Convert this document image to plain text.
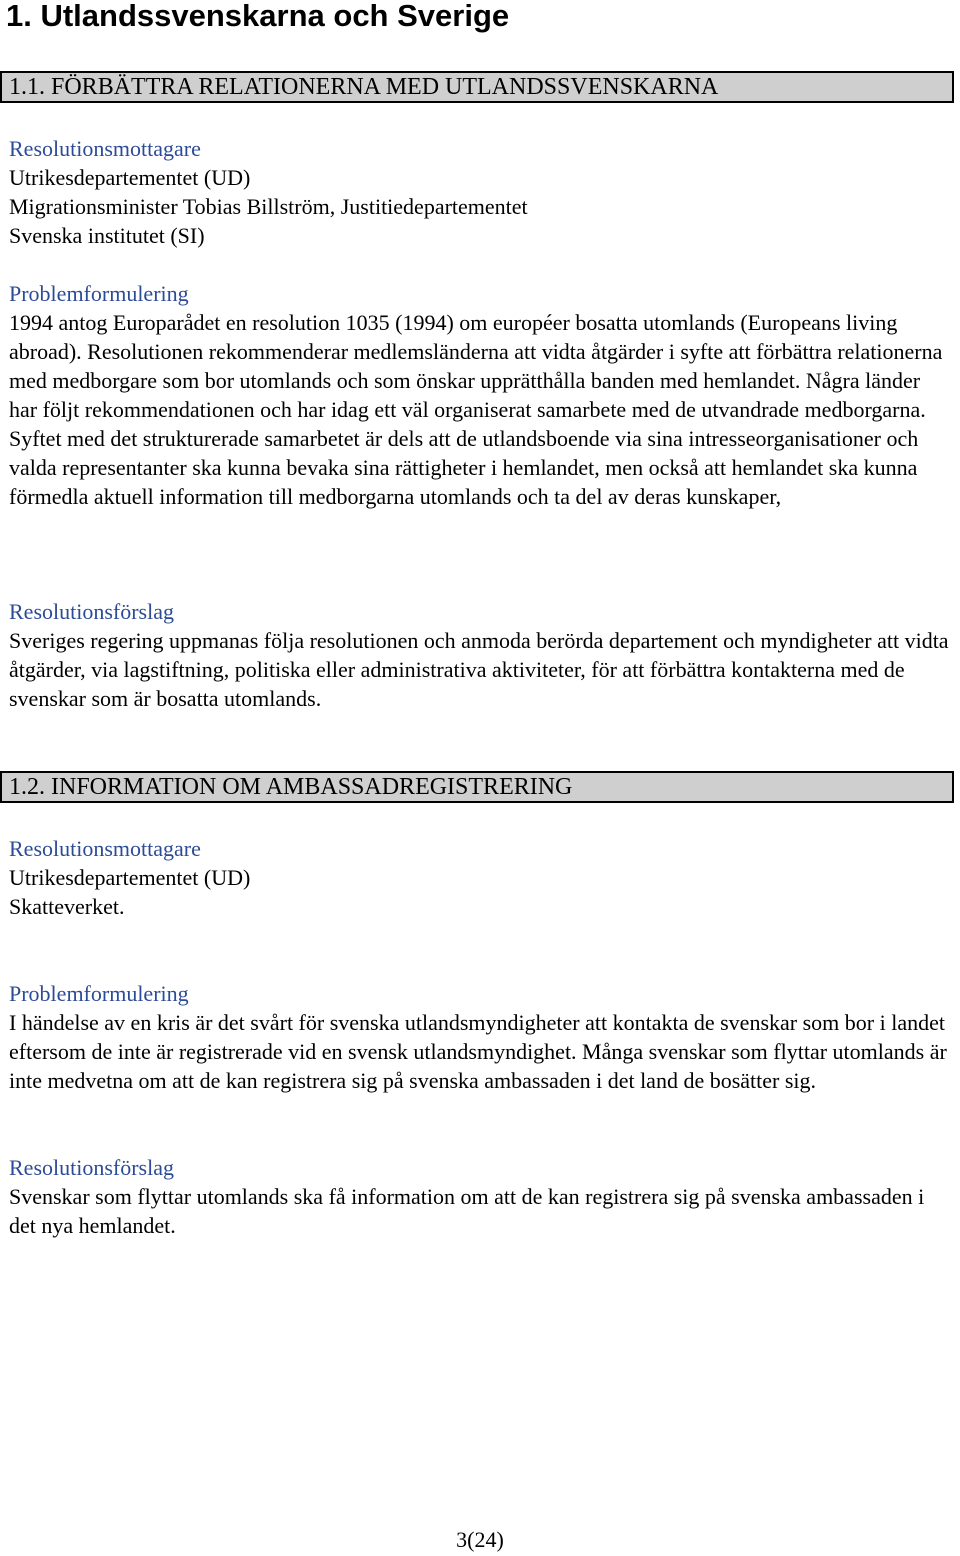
1. Utlandssvenskarna och Sverige
1.1. FÖRBÄTTRA RELATIONERNA MED UTLANDSSVENSKARNA
Resolutionsmottagare
Utrikesdepartementet (UD)
Migrationsminister Tobias Billström, Justitiedepartementet
Svenska institutet (SI)
Problemformulering
1994 antog Europarådet en resolution 1035 (1994) om européer bosatta utomlands (Europeans living abroad). Resolutionen rekommenderar medlemsländerna att vidta åtgärder i syfte att förbättra relationerna med medborgare som bor utomlands och som önskar upprätthålla banden med hemlandet. Några länder har följt rekommendationen och har idag ett väl organiserat samarbete med de utvandrade medborgarna. Syftet med det strukturerade samarbetet är dels att de utlandsboende via sina intresseorganisationer och valda representanter ska kunna bevaka sina rättigheter i hemlandet, men också att hemlandet ska kunna förmedla aktuell information till medborgarna utomlands och ta del av deras kunskaper,
Resolutionsförslag
Sveriges regering uppmanas följa resolutionen och anmoda berörda departement och myndigheter att vidta åtgärder, via lagstiftning, politiska eller administrativa aktiviteter, för att förbättra kontakterna med de svenskar som är bosatta utomlands.
1.2. INFORMATION OM AMBASSADREGISTRERING
Resolutionsmottagare
Utrikesdepartementet (UD)
Skatteverket.
Problemformulering
I händelse av en kris är det svårt för svenska utlandsmyndigheter att kontakta de svenskar som bor i landet eftersom de inte är registrerade vid en svensk utlandsmyndighet. Många svenskar som flyttar utomlands är inte medvetna om att de kan registrera sig på svenska ambassaden i det land de bosätter sig.
Resolutionsförslag
Svenskar som flyttar utomlands ska få information om att de kan registrera sig på svenska ambassaden i det nya hemlandet.
3(24)
